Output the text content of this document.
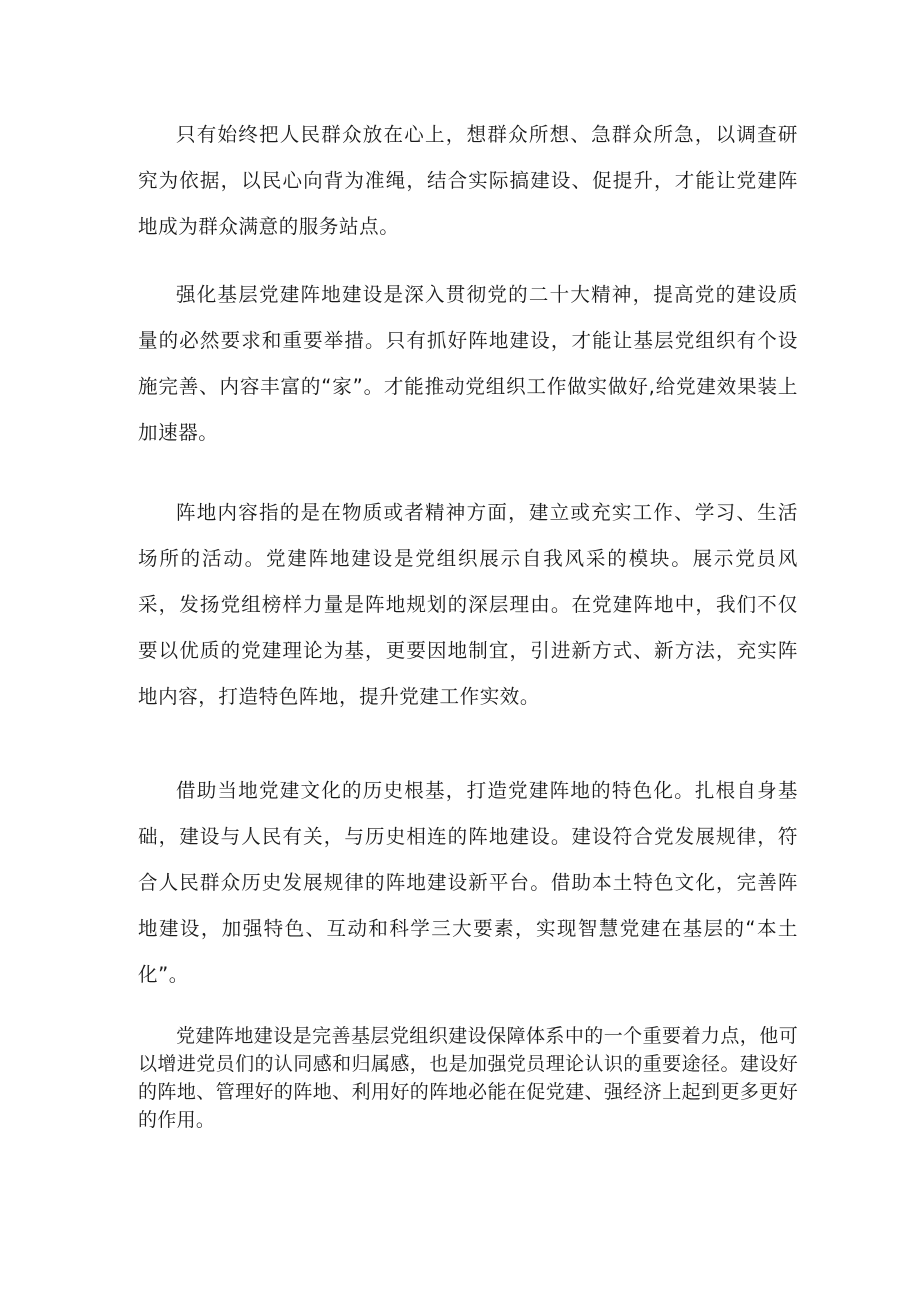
只有始终把人民群众放在心上，想群众所想、急群众所急，以调查研究为依据，以民心向背为准绳，结合实际搞建设、促提升，才能让党建阵地成为群众满意的服务站点。

强化基层党建阵地建设是深入贯彻党的二十大精神，提高党的建设质量的必然要求和重要举措。只有抓好阵地建设，才能让基层党组织有个设施完善、内容丰富的“家”。才能推动党组织工作做实做好,给党建效果装上加速器。

阵地内容指的是在物质或者精神方面，建立或充实工作、学习、生活场所的活动。党建阵地建设是党组织展示自我风采的模块。展示党员风采，发扬党组榜样力量是阵地规划的深层理由。在党建阵地中，我们不仅要以优质的党建理论为基，更要因地制宜，引进新方式、新方法，充实阵地内容，打造特色阵地，提升党建工作实效。

借助当地党建文化的历史根基，打造党建阵地的特色化。扎根自身基础，建设与人民有关，与历史相连的阵地建设。建设符合党发展规律，符合人民群众历史发展规律的阵地建设新平台。借助本土特色文化，完善阵地建设，加强特色、互动和科学三大要素，实现智慧党建在基层的“本土化”。

党建阵地建设是完善基层党组织建设保障体系中的一个重要着力点，他可以增进党员们的认同感和归属感，也是加强党员理论认识的重要途径。建设好的阵地、管理好的阵地、利用好的阵地必能在促党建、强经济上起到更多更好的作用。
